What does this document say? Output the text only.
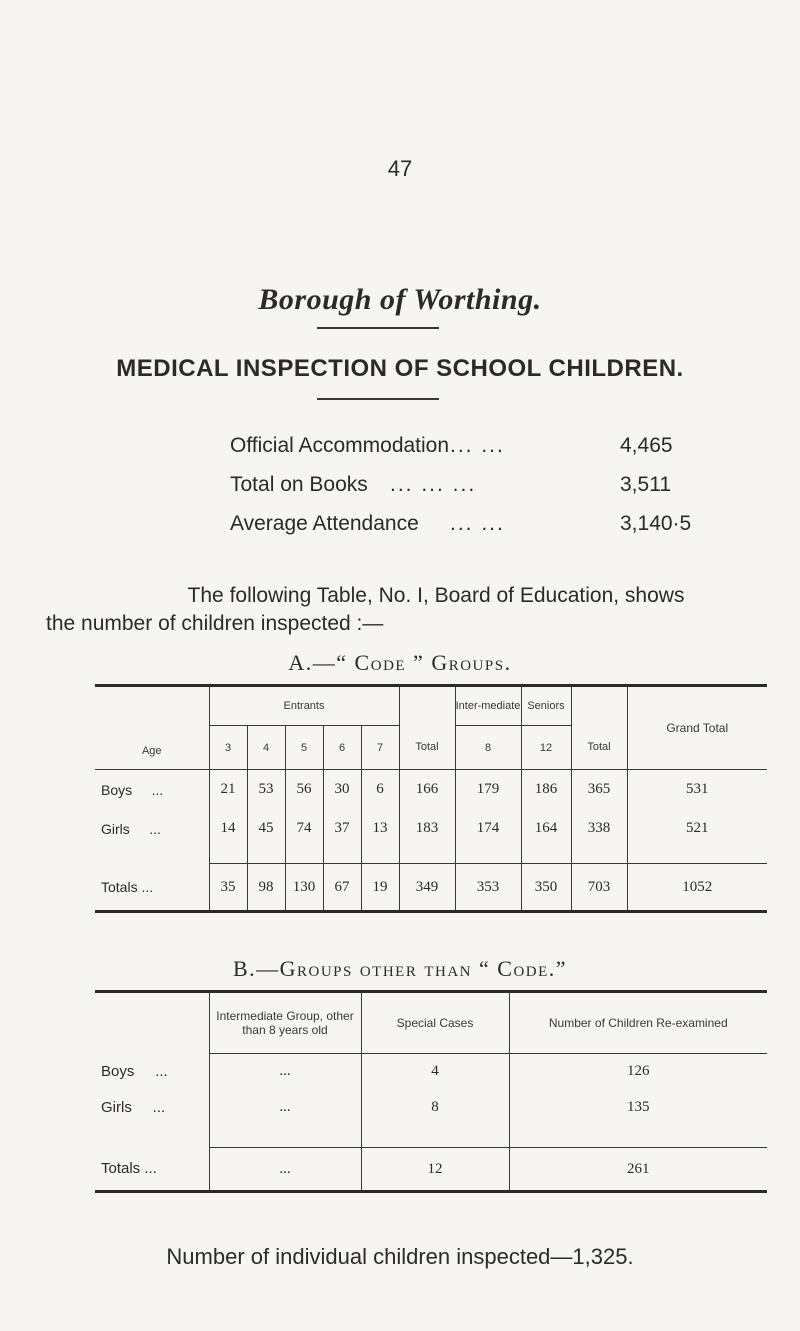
47
Borough of Worthing.
MEDICAL INSPECTION OF SCHOOL CHILDREN.
Official Accommodation ... ...	4,465
Total on Books ... ... ...	3,511
Average Attendance ... ...	3,140·5
The following Table, No. I, Board of Education, shows
the number of children inspected :—
A.—“ Code ” Groups.
Age	Entrants						Inter-mediate	Seniors		Grand Total
	3	4	5	6	7	Total	8	12	Total	
Boys ...	21	53	56	30	6	166	179	186	365	531
Girls ...	14	45	74	37	13	183	174	164	338	521

Totals ...	35	98	130	67	19	349	353	350	703	1052
B.—Groups other than “ Code.”
	Intermediate Group, other than 8 years old	Special Cases	Number of Children Re-examined
Boys ...	...	4	126
Girls ...	...	8	135

Totals ...	...	12	261
Number of individual children inspected—1,325.
